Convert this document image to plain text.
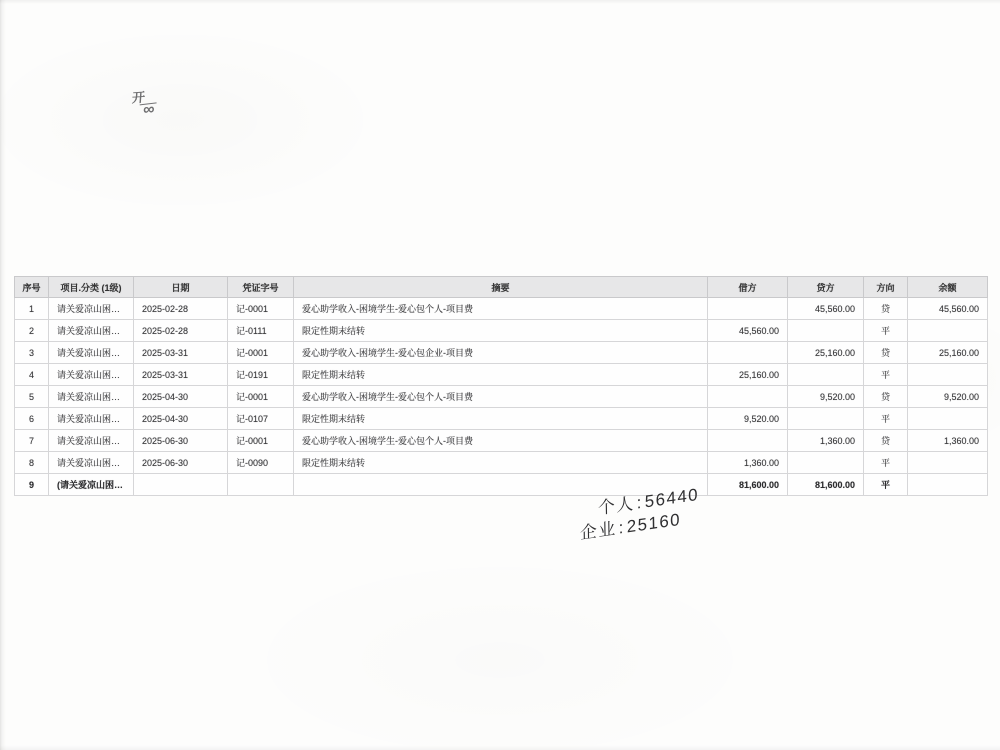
开
∞
序号	项目.分类 (1级)	日期	凭证字号	摘要	借方	贷方	方向	余额
1	请关爱凉山困…	2025-02-28	记-0001	爱心助学收入-困境学生-爱心包个人-项目费		45,560.00	贷	45,560.00
2	请关爱凉山困…	2025-02-28	记-0111	限定性期末结转	45,560.00		平	
3	请关爱凉山困…	2025-03-31	记-0001	爱心助学收入-困境学生-爱心包企业-项目费		25,160.00	贷	25,160.00
4	请关爱凉山困…	2025-03-31	记-0191	限定性期末结转	25,160.00		平	
5	请关爱凉山困…	2025-04-30	记-0001	爱心助学收入-困境学生-爱心包个人-项目费		9,520.00	贷	9,520.00
6	请关爱凉山困…	2025-04-30	记-0107	限定性期末结转	9,520.00		平	
7	请关爱凉山困…	2025-06-30	记-0001	爱心助学收入-困境学生-爱心包个人-项目费		1,360.00	贷	1,360.00
8	请关爱凉山困…	2025-06-30	记-0090	限定性期末结转	1,360.00		平	
9	(请关爱凉山困…				81,600.00	81,600.00	平	
个人:56440
企业:25160
